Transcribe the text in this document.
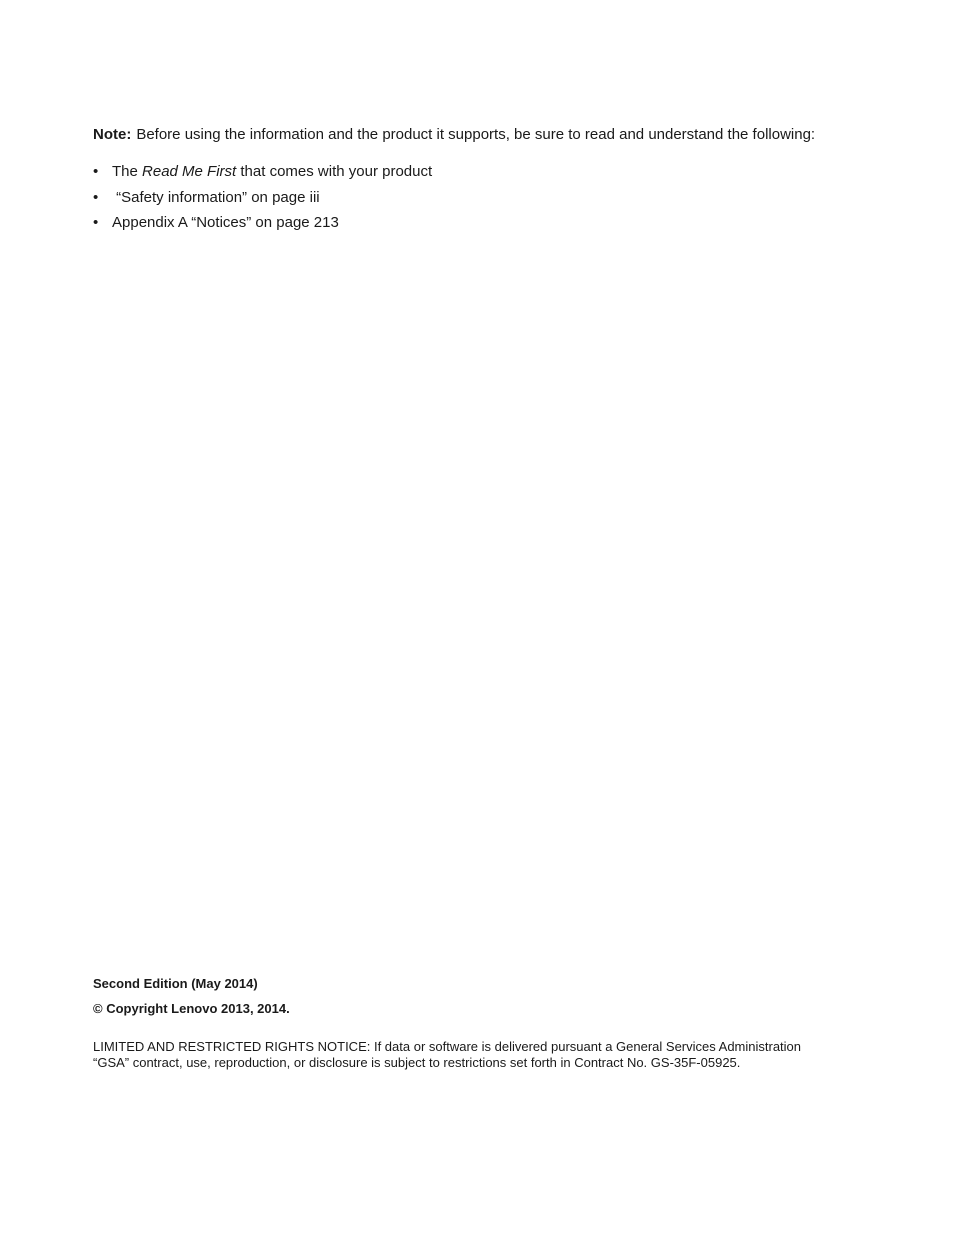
Note: Before using the information and the product it supports, be sure to read and understand the following:
• The Read Me First that comes with your product
• “Safety information” on page iii
• Appendix A “Notices” on page 213
Second Edition (May 2014)
© Copyright Lenovo 2013, 2014.
LIMITED AND RESTRICTED RIGHTS NOTICE: If data or software is delivered pursuant a General Services Administration
“GSA” contract, use, reproduction, or disclosure is subject to restrictions set forth in Contract No. GS-35F-05925.
